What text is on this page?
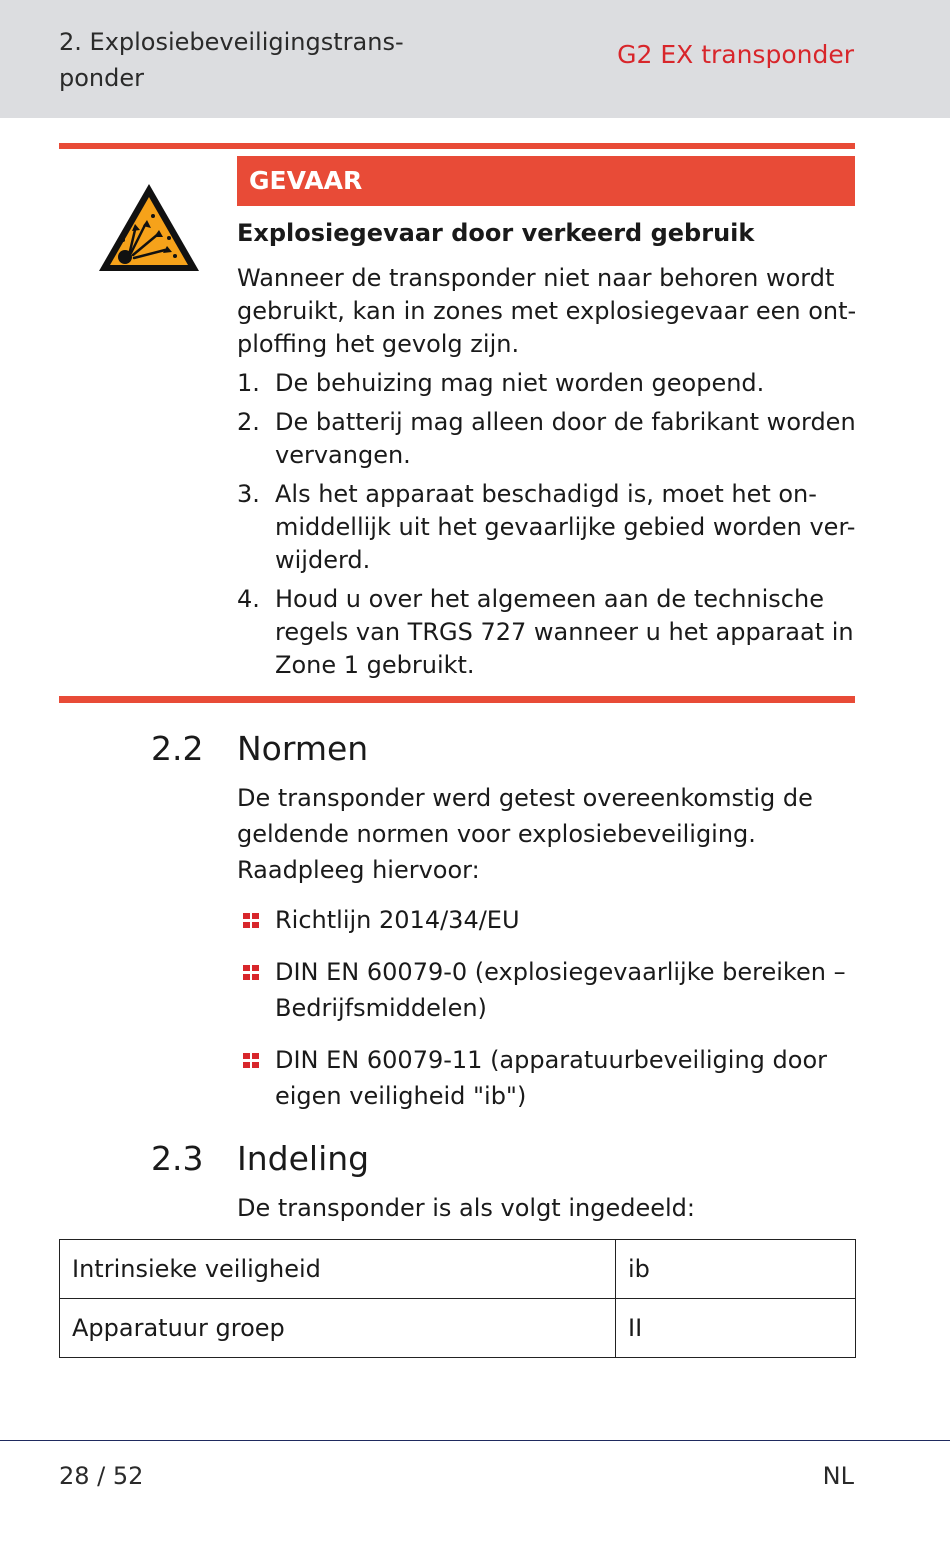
2. Explosiebeveiligingstrans-
ponder
G2 EX transponder
GEVAAR
Explosiegevaar door verkeerd gebruik

Wanneer de transponder niet naar behoren wordt gebruikt, kan in zones met explosiegevaar een ont-ploffing het gevolg zijn.

1. De behuizing mag niet worden geopend.
2. De batterij mag alleen door de fabrikant worden vervangen.
3. Als het apparaat beschadigd is, moet het on-middellijk uit het gevaarlijke gebied worden ver-wijderd.
4. Houd u over het algemeen aan de technische regels van TRGS 727 wanneer u het apparaat in Zone 1 gebruikt.
2.2 Normen
De transponder werd getest overeenkomstig de geldende normen voor explosiebeveiliging. Raadpleeg hiervoor:
Richtlijn 2014/34/EU
DIN EN 60079-0 (explosiegevaarlijke bereiken – Bedrijfsmiddelen)
DIN EN 60079-11 (apparatuurbeveiliging door eigen veiligheid "ib")
2.3 Indeling
De transponder is als volgt ingedeeld:
Intrinsieke veiligheid	ib
Apparatuur groep	II
28 / 52	NL
